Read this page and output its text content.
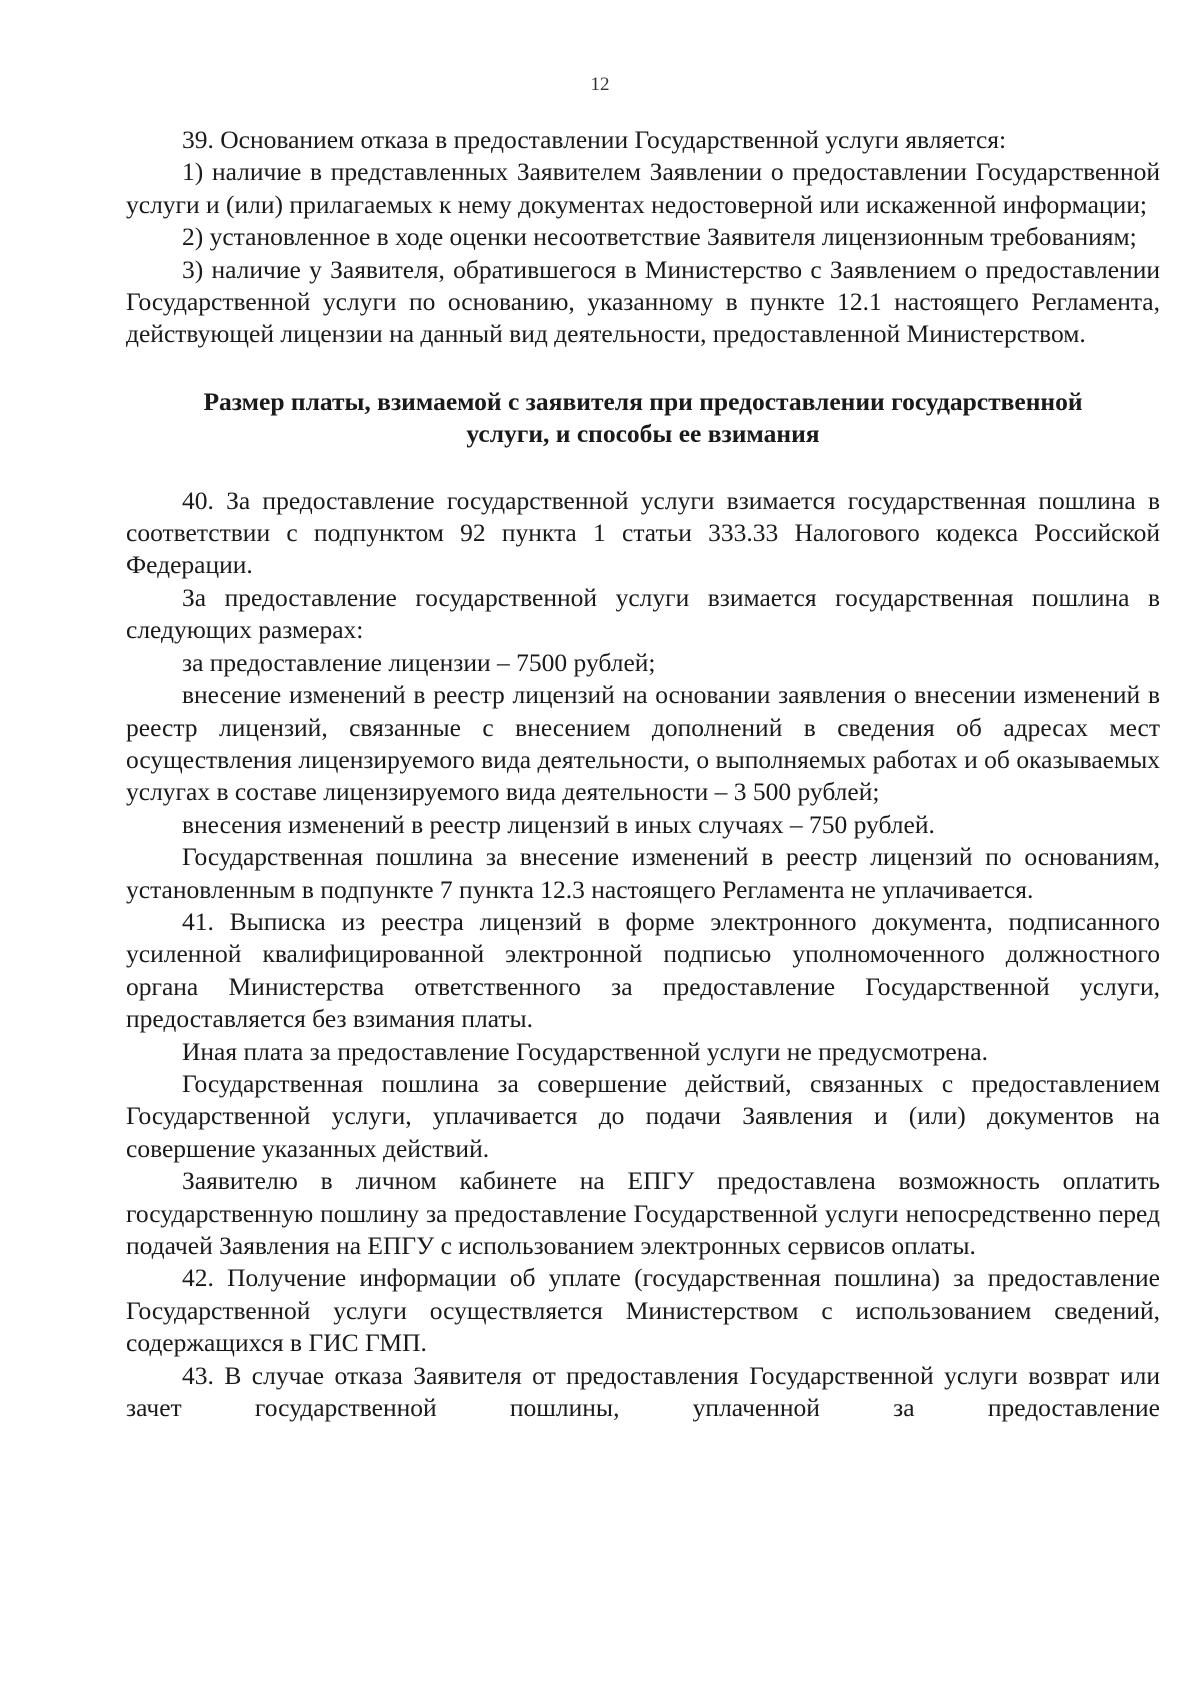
12

39. Основанием отказа в предоставлении Государственной услуги является:

1) наличие в представленных Заявителем Заявлении о предоставлении Государственной услуги и (или) прилагаемых к нему документах недостоверной или искаженной информации;

2) установленное в ходе оценки несоответствие Заявителя лицензионным требованиям;

3) наличие у Заявителя, обратившегося в Министерство с Заявлением о предоставлении Государственной услуги по основанию, указанному в пункте 12.1 настоящего Регламента, действующей лицензии на данный вид деятельности, предоставленной Министерством.

Размер платы, взимаемой с заявителя при предоставлении государственной услуги, и способы ее взимания

40. За предоставление государственной услуги взимается государственная пошлина в соответствии с подпунктом 92 пункта 1 статьи 333.33 Налогового кодекса Российской Федерации.

За предоставление государственной услуги взимается государственная пошлина в следующих размерах:

за предоставление лицензии – 7500 рублей;

внесение изменений в реестр лицензий на основании заявления о внесении изменений в реестр лицензий, связанные с внесением дополнений в сведения об адресах мест осуществления лицензируемого вида деятельности, о выполняемых работах и об оказываемых услугах в составе лицензируемого вида деятельности – 3 500 рублей;

внесения изменений в реестр лицензий в иных случаях – 750 рублей.

Государственная пошлина за внесение изменений в реестр лицензий по основаниям, установленным в подпункте 7 пункта 12.3 настоящего Регламента не уплачивается.

41. Выписка из реестра лицензий в форме электронного документа, подписанного усиленной квалифицированной электронной подписью уполномоченного должностного органа Министерства ответственного за предоставление Государственной услуги, предоставляется без взимания платы.

Иная плата за предоставление Государственной услуги не предусмотрена.

Государственная пошлина за совершение действий, связанных с предоставлением Государственной услуги, уплачивается до подачи Заявления и (или) документов на совершение указанных действий.

Заявителю в личном кабинете на ЕПГУ предоставлена возможность оплатить государственную пошлину за предоставление Государственной услуги непосредственно перед подачей Заявления на ЕПГУ с использованием электронных сервисов оплаты.

42. Получение информации об уплате (государственная пошлина) за предоставление Государственной услуги осуществляется Министерством с использованием сведений, содержащихся в ГИС ГМП.

43. В случае отказа Заявителя от предоставления Государственной услуги возврат или зачет государственной пошлины, уплаченной за предоставление
